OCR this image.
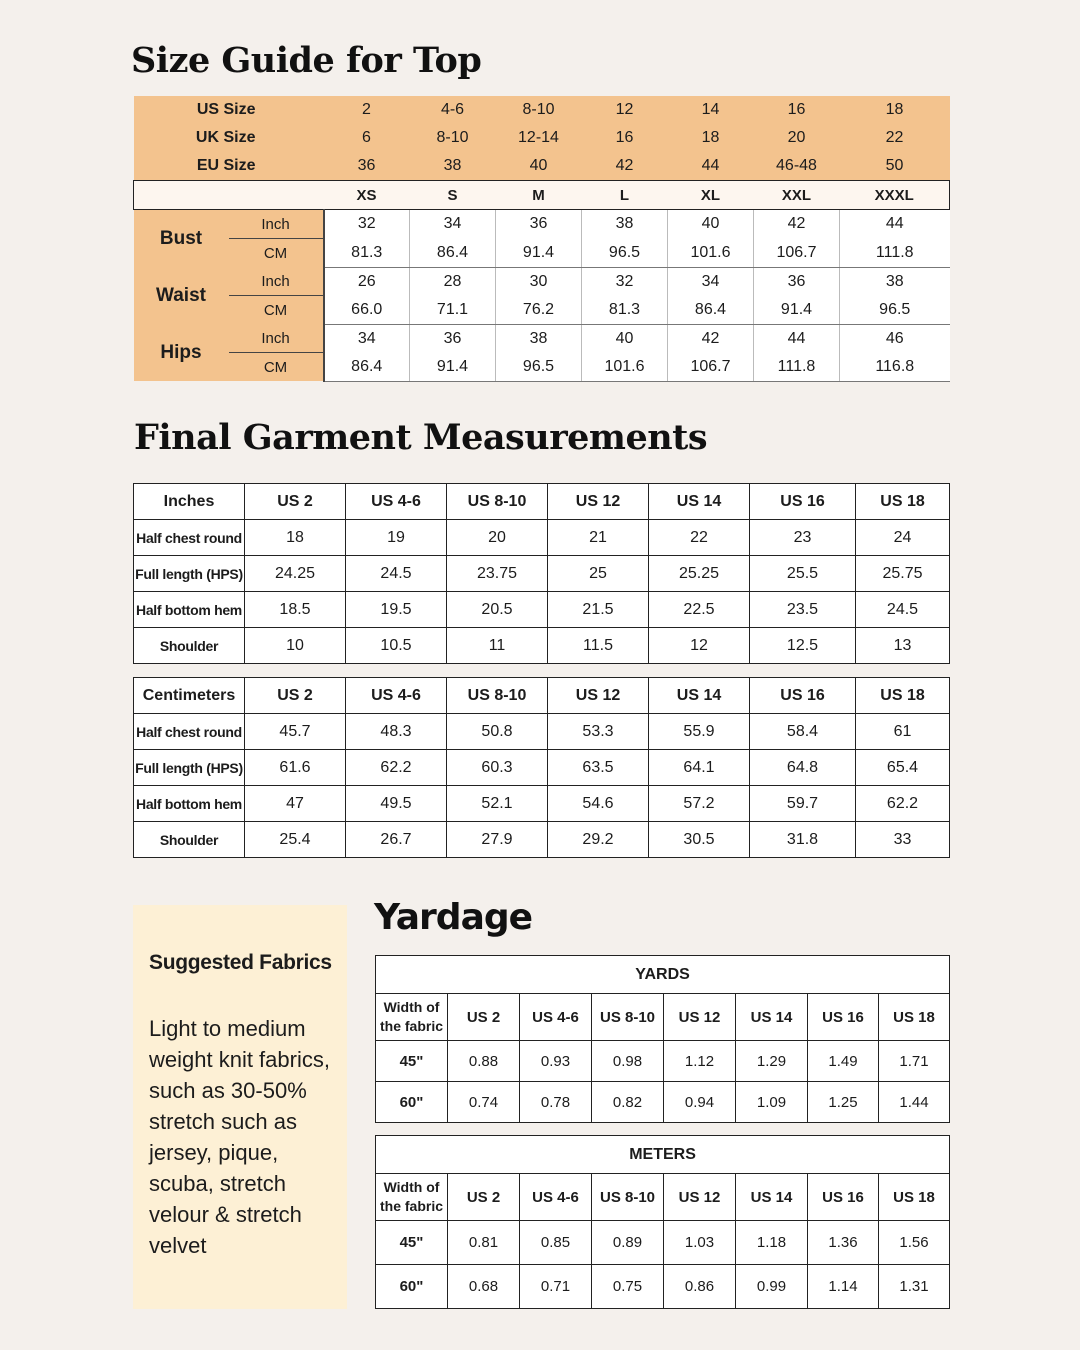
Size Guide for Top
US Size		2	4-6	8-10	12	14	16	18
UK Size		6	8-10	12-14	16	18	20	22
EU Size		36	38	40	42	44	46-48	50
		XS	S	M	L	XL	XXL	XXXL
Bust	Inch	32	34	36	38	40	42	44
	CM	81.3	86.4	91.4	96.5	101.6	106.7	111.8
Waist	Inch	26	28	30	32	34	36	38
	CM	66.0	71.1	76.2	81.3	86.4	91.4	96.5
Hips	Inch	34	36	38	40	42	44	46
	CM	86.4	91.4	96.5	101.6	106.7	111.8	116.8
Final Garment Measurements
Inches	US 2	US 4-6	US 8-10	US 12	US 14	US 16	US 18
Half chest round	18	19	20	21	22	23	24
Full length (HPS)	24.25	24.5	23.75	25	25.25	25.5	25.75
Half bottom hem	18.5	19.5	20.5	21.5	22.5	23.5	24.5
Shoulder	10	10.5	11	11.5	12	12.5	13
Centimeters	US 2	US 4-6	US 8-10	US 12	US 14	US 16	US 18
Half chest round	45.7	48.3	50.8	53.3	55.9	58.4	61
Full length (HPS)	61.6	62.2	60.3	63.5	64.1	64.8	65.4
Half bottom hem	47	49.5	52.1	54.6	57.2	59.7	62.2
Shoulder	25.4	26.7	27.9	29.2	30.5	31.8	33

Suggested Fabrics

Light to medium weight knit fabrics, such as 30-50% stretch such as jersey, pique, scuba, stretch velour & stretch velvet

Yardage
YARDS							
Width of the fabric	US 2	US 4-6	US 8-10	US 12	US 14	US 16	US 18
45"	0.88	0.93	0.98	1.12	1.29	1.49	1.71
60"	0.74	0.78	0.82	0.94	1.09	1.25	1.44
METERS							
Width of the fabric	US 2	US 4-6	US 8-10	US 12	US 14	US 16	US 18
45"	0.81	0.85	0.89	1.03	1.18	1.36	1.56
60"	0.68	0.71	0.75	0.86	0.99	1.14	1.31
